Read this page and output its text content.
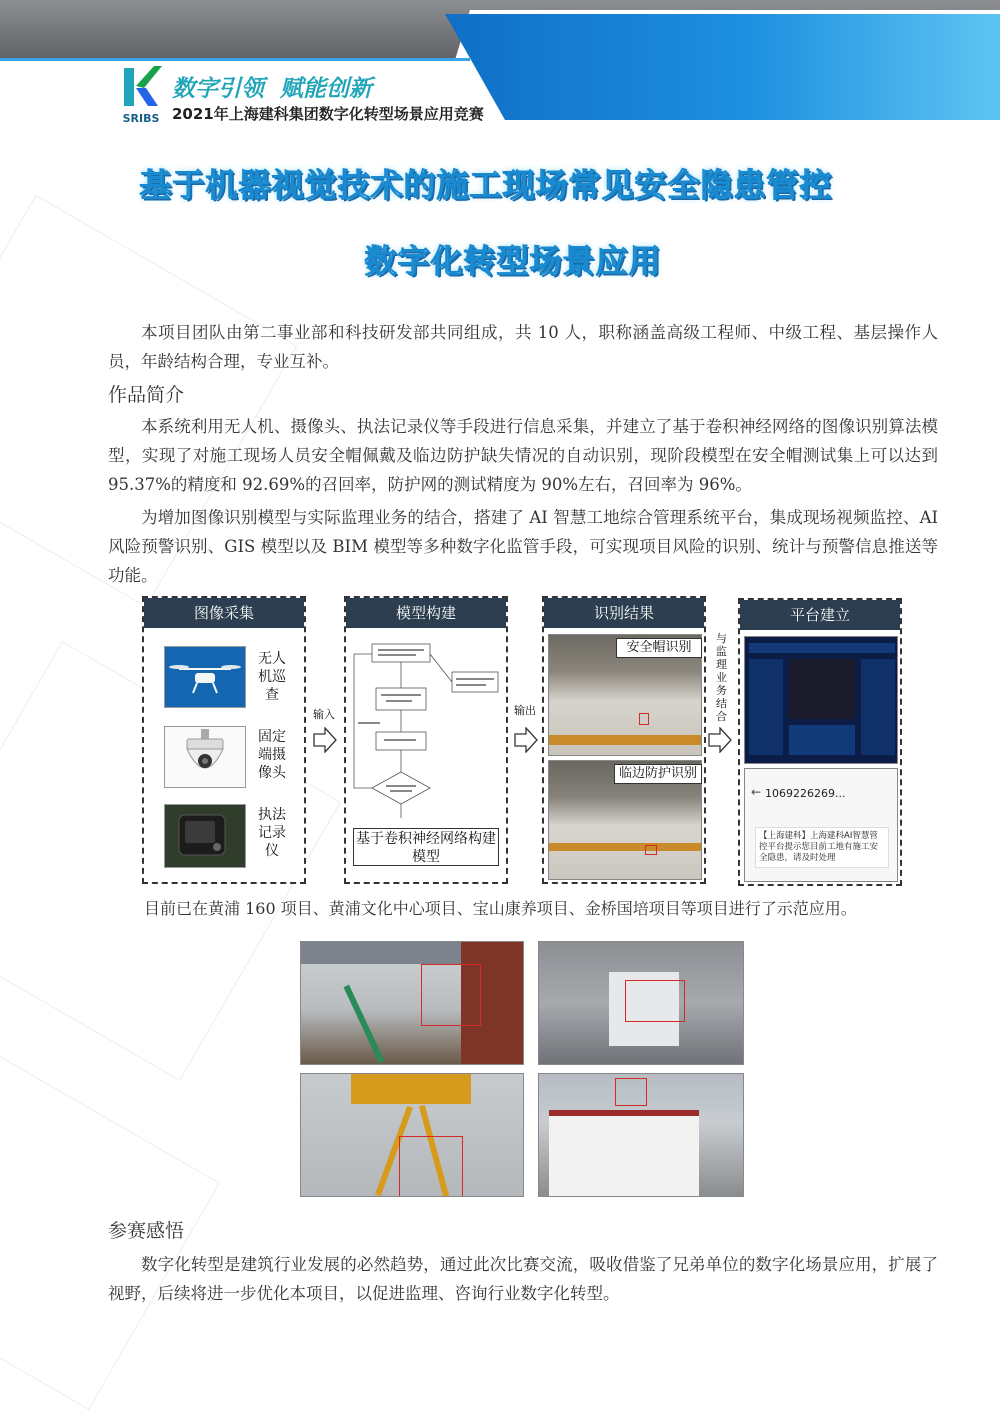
SRIBS
数字引领  赋能创新
2021年上海建科集团数字化转型场景应用竞赛
基于机器视觉技术的施工现场常见安全隐患管控
数字化转型场景应用
本项目团队由第二事业部和科技研发部共同组成，共 10 人，职称涵盖高级工程师、中级工程、基层操作人员，年龄结构合理，专业互补。
作品简介
本系统利用无人机、摄像头、执法记录仪等手段进行信息采集，并建立了基于卷积神经网络的图像识别算法模型，实现了对施工现场人员安全帽佩戴及临边防护缺失情况的自动识别，现阶段模型在安全帽测试集上可以达到 95.37%的精度和 92.69%的召回率，防护网的测试精度为 90%左右，召回率为 96%。
为增加图像识别模型与实际监理业务的结合，搭建了 AI 智慧工地综合管理系统平台，集成现场视频监控、AI 风险预警识别、GIS 模型以及 BIM 模型等多种数字化监管手段，可实现项目风险的识别、统计与预警信息推送等功能。
图像采集
无人机巡查
固定端摄像头
执法记录仪
输入
模型构建
基于卷积神经网络构建模型
输出
识别结果
安全帽识别
临边防护识别
与监理业务结合
平台建立
1069226269...
←
【上海建科】上海建科AI智慧管控平台提示您目前工地有施工安全隐患，请及时处理
目前已在黄浦 160 项目、黄浦文化中心项目、宝山康养项目、金桥国培项目等项目进行了示范应用。
参赛感悟
数字化转型是建筑行业发展的必然趋势，通过此次比赛交流，吸收借鉴了兄弟单位的数字化场景应用，扩展了视野，后续将进一步优化本项目，以促进监理、咨询行业数字化转型。
